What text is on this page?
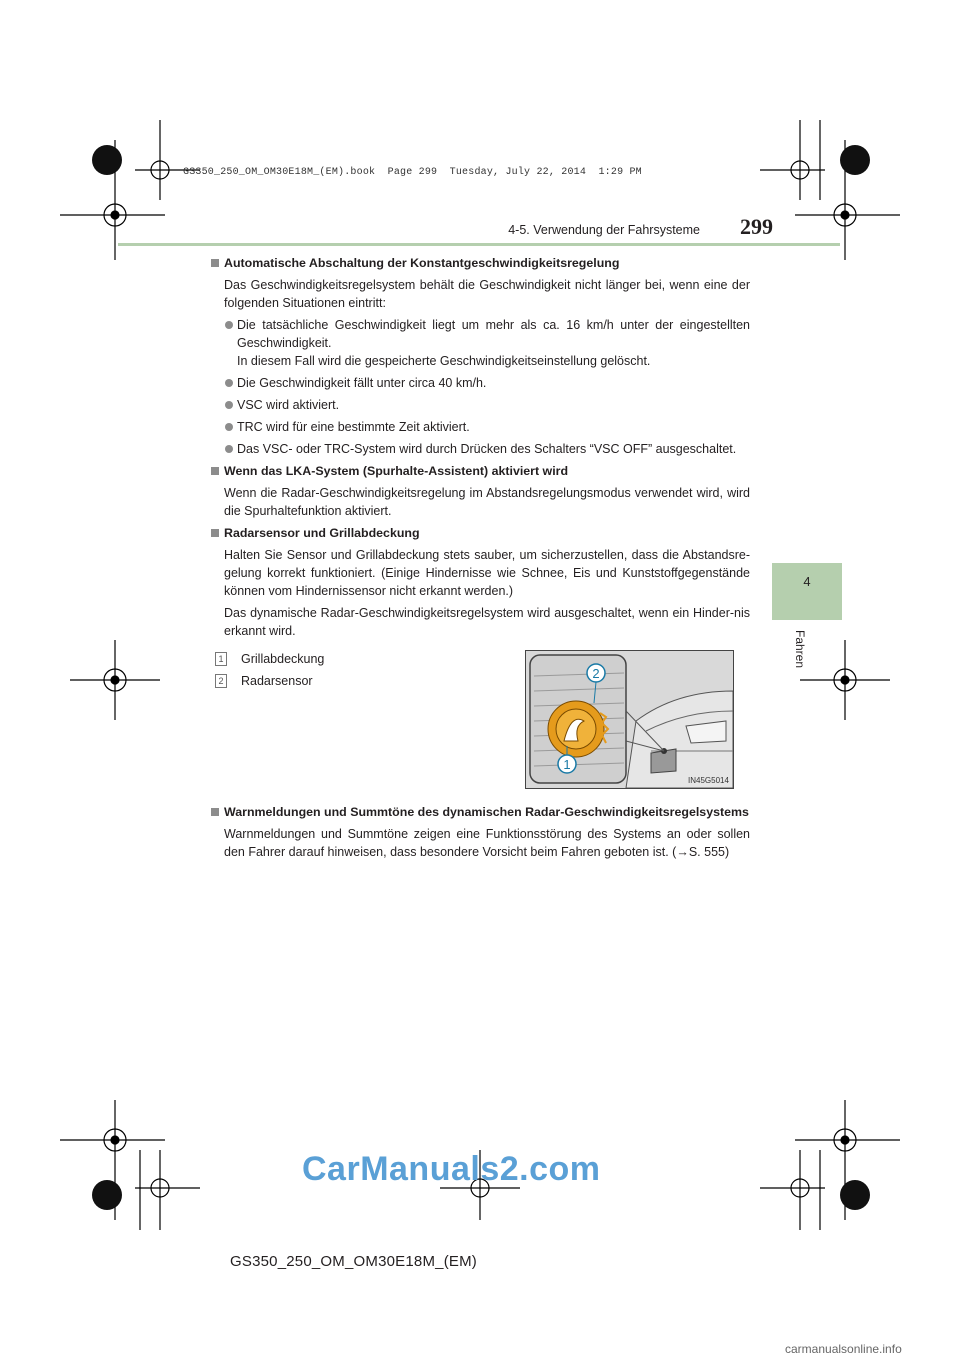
GS350_250_OM_OM30E18M_(EM).book  Page 299  Tuesday, July 22, 2014  1:29 PM
4-5. Verwendung der Fahrsysteme 299
4
Fahren
Automatische Abschaltung der Konstantgeschwindigkeitsregelung
Das Geschwindigkeitsregelsystem behält die Geschwindigkeit nicht länger bei, wenn eine der folgenden Situationen eintritt:
Die tatsächliche Geschwindigkeit liegt um mehr als ca. 16 km/h unter der eingestellten Geschwindigkeit.
In diesem Fall wird die gespeicherte Geschwindigkeitseinstellung gelöscht.
Die Geschwindigkeit fällt unter circa 40 km/h.
VSC wird aktiviert.
TRC wird für eine bestimmte Zeit aktiviert.
Das VSC- oder TRC-System wird durch Drücken des Schalters “VSC OFF” ausgeschaltet.
Wenn das LKA-System (Spurhalte-Assistent) aktiviert wird
Wenn die Radar-Geschwindigkeitsregelung im Abstandsregelungsmodus verwendet wird, wird die Spurhaltefunktion aktiviert.
Radarsensor und Grillabdeckung
Halten Sie Sensor und Grillabdeckung stets sauber, um sicherzustellen, dass die Abstandsre-gelung korrekt funktioniert. (Einige Hindernisse wie Schnee, Eis und Kunststoffgegenstände können vom Hindernissensor nicht erkannt werden.)
Das dynamische Radar-Geschwindigkeitsregelsystem wird ausgeschaltet, wenn ein Hinder-nis erkannt wird.
1 Grillabdeckung
2 Radarsensor	2
1
IN45G5014
Warnmeldungen und Summtöne des dynamischen Radar-Geschwindigkeitsregelsystems
Warnmeldungen und Summtöne zeigen eine Funktionsstörung des Systems an oder sollen den Fahrer darauf hinweisen, dass besondere Vorsicht beim Fahren geboten ist. (→S. 555)
CarManuals2.com
GS350_250_OM_OM30E18M_(EM)
carmanualsonline.info
